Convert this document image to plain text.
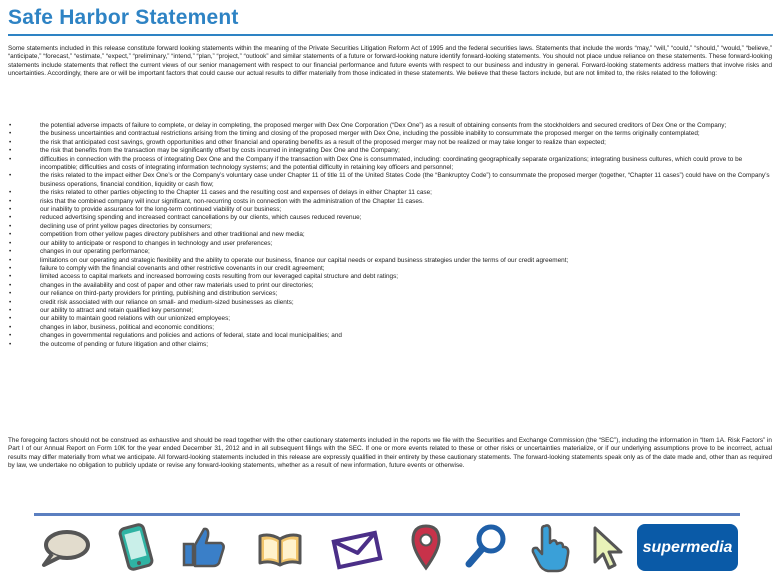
Safe Harbor Statement
Some statements included in this release constitute forward looking statements within the meaning of the Private Securities Litigation Reform Act of 1995 and the federal securities laws. Statements that include the words “may,” “will,” “could,” “should,” “would,” “believe,” “anticipate,” “forecast,” “estimate,” “expect,” “preliminary,” “intend,” “plan,” “project,” “outlook” and similar statements of a future or forward-looking nature identify forward-looking statements. You should not place undue reliance on these statements. These forward-looking statements include statements that reflect the current views of our senior management with respect to our financial performance and future events with respect to our business and industry in general. Forward-looking statements address matters that involve risks and uncertainties. Accordingly, there are or will be important factors that could cause our actual results to differ materially from those indicated in these statements. We believe that these factors include, but are not limited to, the risks related to the following:
•	the potential adverse impacts of failure to complete, or delay in completing, the proposed merger with Dex One Corporation (“Dex One”) as a result of obtaining consents from the stockholders and secured creditors of Dex One or the Company;
•	the business uncertainties and contractual restrictions arising from the timing and closing of the proposed merger with Dex One, including the possible inability to consummate the proposed merger on the terms originally contemplated;
•	the risk that anticipated cost savings, growth opportunities and other financial and operating benefits as a result of the proposed merger may not be realized or may take longer to realize than expected;
•	the risk that benefits from the transaction may be significantly offset by costs incurred in integrating Dex One and the Company;
•	difficulties in connection with the process of integrating Dex One and the Company if the transaction with Dex One is consummated, including: coordinating geographically separate organizations; integrating business cultures, which could prove to be incompatible; difficulties and costs of integrating information technology systems; and the potential difficulty in retaining key officers and personnel;
•	the risks related to the impact either Dex One’s or the Company’s voluntary case under Chapter 11 of title 11 of the United States Code (the “Bankruptcy Code”) to consummate the proposed merger (together, “Chapter 11 cases”) could have on the Company’s business operations, financial condition, liquidity or cash flow;
•	the risks related to other parties objecting to the Chapter 11 cases and the resulting cost and expenses of delays in either Chapter 11 case;
•	risks that the combined company will incur significant, non-recurring costs in connection with the administration of the Chapter 11 cases.
•	our inability to provide assurance for the long-term continued viability of our business;
•	reduced advertising spending and increased contract cancellations by our clients, which causes reduced revenue;
•	declining use of print yellow pages directories by consumers;
•	competition from other yellow pages directory publishers and other traditional and new media;
•	our ability to anticipate or respond to changes in technology and user preferences;
•	changes in our operating performance;
•	limitations on our operating and strategic flexibility and the ability to operate our business, finance our capital needs or expand business strategies under the terms of our credit agreement;
•	failure to comply with the financial covenants and other restrictive covenants in our credit agreement;
•	limited access to capital markets and increased borrowing costs resulting from our leveraged capital structure and debt ratings;
•	changes in the availability and cost of paper and other raw materials used to print our directories;
•	our reliance on third-party providers for printing, publishing and distribution services;
•	credit risk associated with our reliance on small- and medium-sized businesses as clients;
•	our ability to attract and retain qualified key personnel;
•	our ability to maintain good relations with our unionized employees;
•	changes in labor, business, political and economic conditions;
•	changes in governmental regulations and policies and actions of federal, state and local municipalities; and
•	the outcome of pending or future litigation and other claims;
The foregoing factors should not be construed as exhaustive and should be read together with the other cautionary statements included in the reports we file with the Securities and Exchange Commission (the “SEC”), including the information in “Item 1A. Risk Factors” in Part I of our Annual Report on Form 10K for the year ended December 31, 2012 and in all subsequent filings with the SEC. If one or more events related to these or other risks or uncertainties materialize, or if our underlying assumptions prove to be incorrect, actual results may differ materially from what we anticipate. All forward-looking statements included in this release are expressly qualified in their entirety by these cautionary statements. The forward-looking statements speak only as of the date made and, other than as required by law, we undertake no obligation to publicly update or revise any forward-looking statements, whether as a result of new information, future events or otherwise.
supermedia
